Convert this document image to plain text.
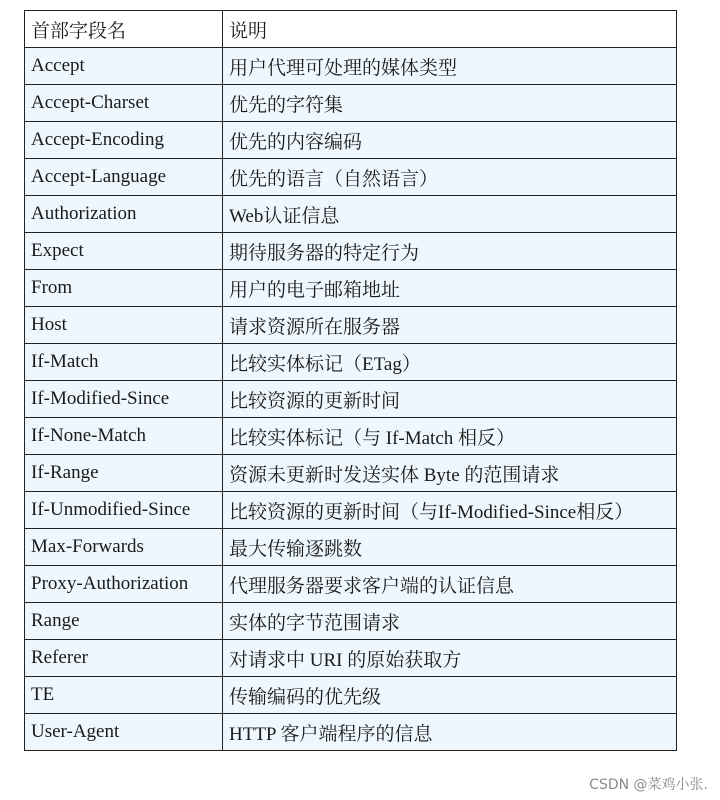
首部字段名	说明
Accept	用户代理可处理的媒体类型
Accept-Charset	优先的字符集
Accept-Encoding	优先的内容编码
Accept-Language	优先的语言（自然语言）
Authorization	Web认证信息
Expect	期待服务器的特定行为
From	用户的电子邮箱地址
Host	请求资源所在服务器
If-Match	比较实体标记（ETag）
If-Modified-Since	比较资源的更新时间
If-None-Match	比较实体标记（与 If-Match 相反）
If-Range	资源未更新时发送实体 Byte 的范围请求
If-Unmodified-Since	比较资源的更新时间（与If-Modified-Since相反）
Max-Forwards	最大传输逐跳数
Proxy-Authorization	代理服务器要求客户端的认证信息
Range	实体的字节范围请求
Referer	对请求中 URI 的原始获取方
TE	传输编码的优先级
User-Agent	HTTP 客户端程序的信息
CSDN @菜鸡小张.
